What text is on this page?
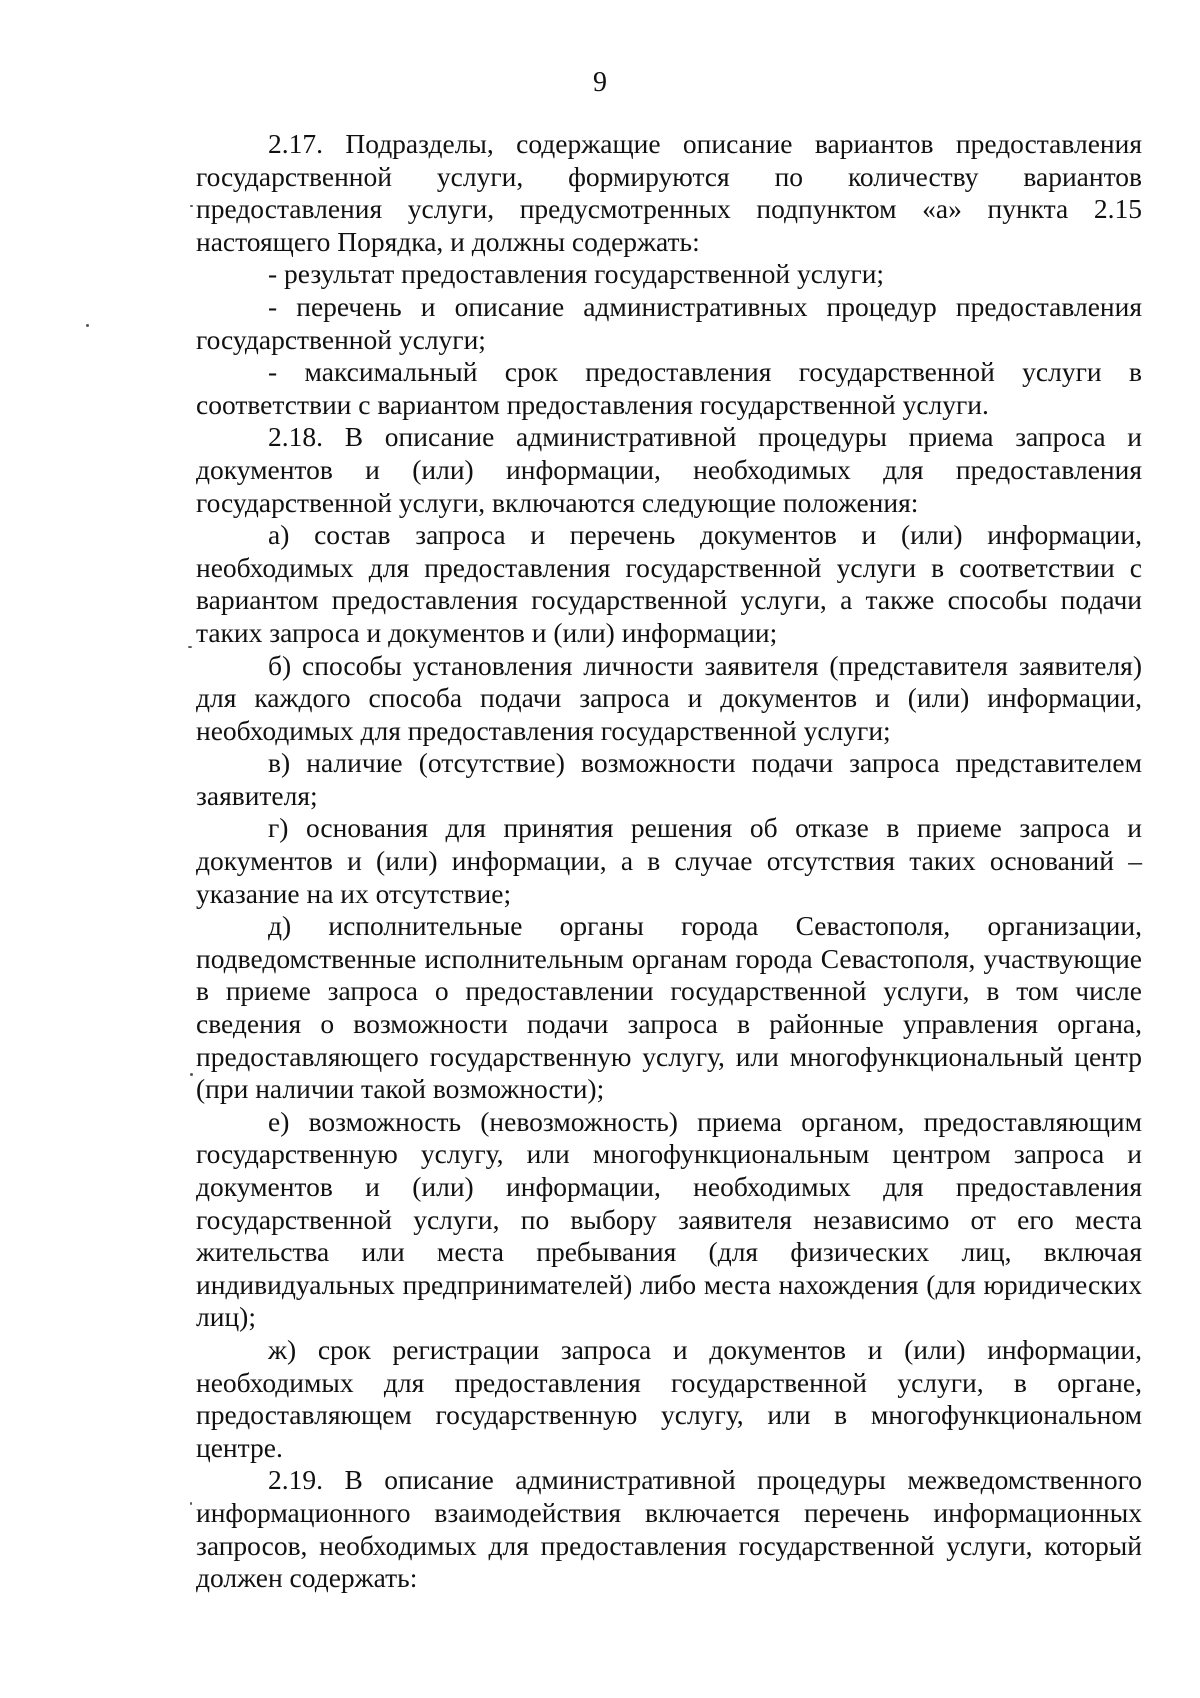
9

2.17. Подразделы, содержащие описание вариантов предоставления государственной услуги, формируются по количеству вариантов предоставления услуги, предусмотренных подпунктом «а» пункта 2.15 настоящего Порядка, и должны содержать:

- результат предоставления государственной услуги;

- перечень и описание административных процедур предоставления государственной услуги;

- максимальный срок предоставления государственной услуги в соответствии с вариантом предоставления государственной услуги.

2.18. В описание административной процедуры приема запроса и документов и (или) информации, необходимых для предоставления государственной услуги, включаются следующие положения:

а) состав запроса и перечень документов и (или) информации, необходимых для предоставления государственной услуги в соответствии с вариантом предоставления государственной услуги, а также способы подачи таких запроса и документов и (или) информации;

б) способы установления личности заявителя (представителя заявителя) для каждого способа подачи запроса и документов и (или) информации, необходимых для предоставления государственной услуги;

в) наличие (отсутствие) возможности подачи запроса представителем заявителя;

г) основания для принятия решения об отказе в приеме запроса и документов и (или) информации, а в случае отсутствия таких оснований – указание на их отсутствие;

д) исполнительные органы города Севастополя, организации, подведомственные исполнительным органам города Севастополя, участвующие в приеме запроса о предоставлении государственной услуги, в том числе сведения о возможности подачи запроса в районные управления органа, предоставляющего государственную услугу, или многофункциональный центр (при наличии такой возможности);

е) возможность (невозможность) приема органом, предоставляющим государственную услугу, или многофункциональным центром запроса и документов и (или) информации, необходимых для предоставления государственной услуги, по выбору заявителя независимо от его места жительства или места пребывания (для физических лиц, включая индивидуальных предпринимателей) либо места нахождения (для юридических лиц);

ж) срок регистрации запроса и документов и (или) информации, необходимых для предоставления государственной услуги, в органе, предоставляющем государственную услугу, или в многофункциональном центре.

2.19. В описание административной процедуры межведомственного информационного взаимодействия включается перечень информационных запросов, необходимых для предоставления государственной услуги, который должен содержать:
